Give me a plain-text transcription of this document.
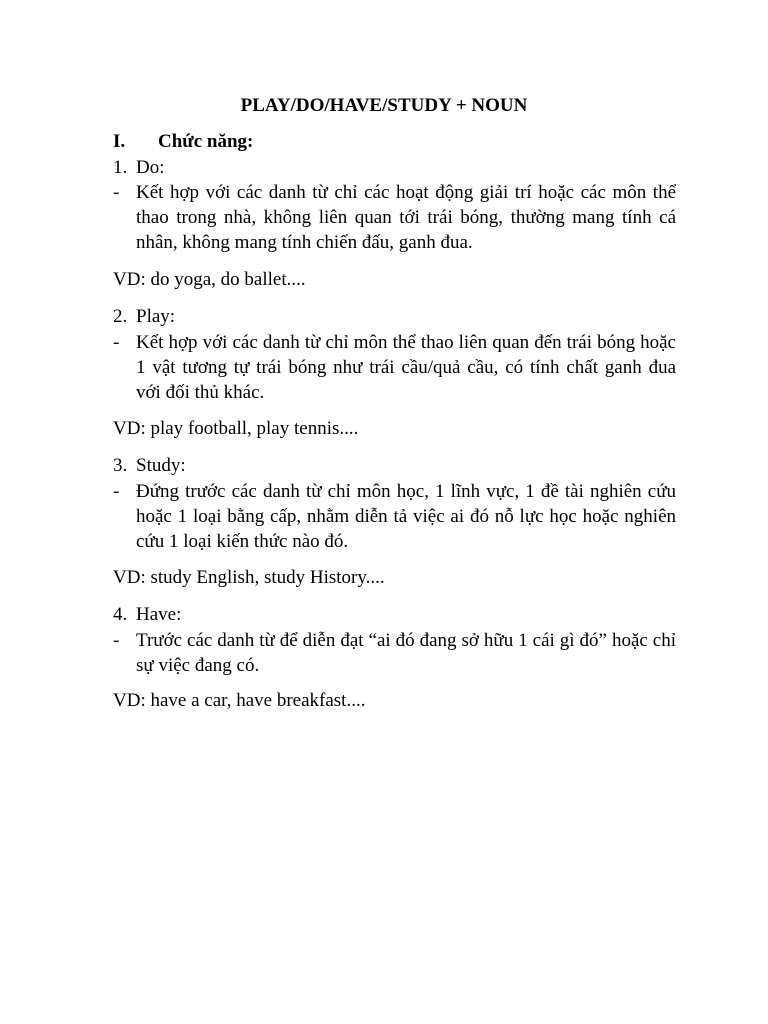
PLAY/DO/HAVE/STUDY + NOUN
I. Chức năng:
1. Do:
- Kết hợp với các danh từ chỉ các hoạt động giải trí hoặc các môn thể thao trong nhà, không liên quan tới trái bóng, thường mang tính cá nhân, không mang tính chiến đấu, ganh đua.
VD: do yoga, do ballet....
2. Play:
- Kết hợp với các danh từ chỉ môn thể thao liên quan đến trái bóng hoặc 1 vật tương tự trái bóng như trái cầu/quả cầu, có tính chất ganh đua với đối thủ khác.
VD: play football, play tennis....
3. Study:
- Đứng trước các danh từ chỉ môn học, 1 lĩnh vực, 1 đề tài nghiên cứu hoặc 1 loại bằng cấp, nhằm diễn tả việc ai đó nỗ lực học hoặc nghiên cứu 1 loại kiến thức nào đó.
VD: study English, study History....
4. Have:
- Trước các danh từ để diễn đạt “ai đó đang sở hữu 1 cái gì đó” hoặc chỉ sự việc đang có.
VD: have a car, have breakfast....
